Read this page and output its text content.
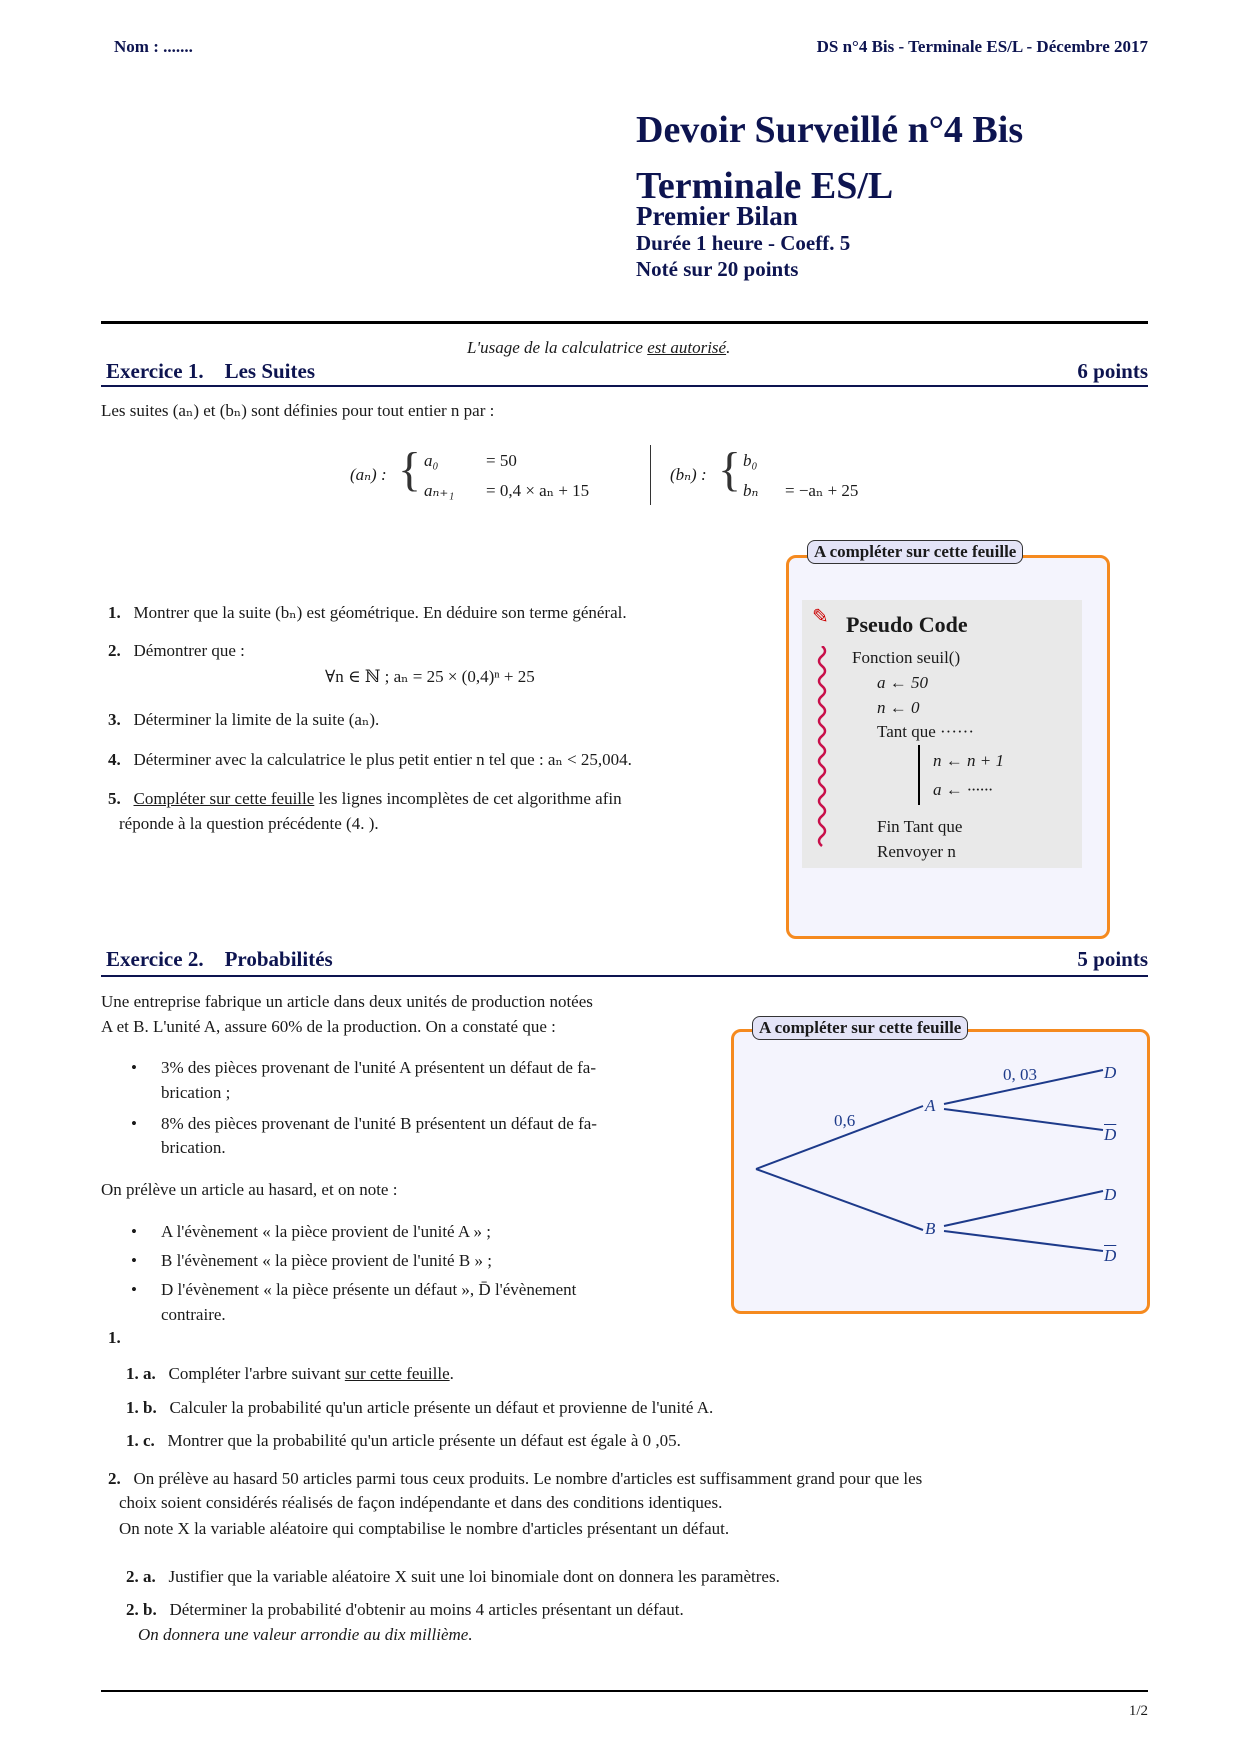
Nom : .......	DS n°4 Bis - Terminale ES/L - Décembre 2017
Devoir Surveillé n°4 Bis
Terminale ES/L
Premier Bilan
Durée 1 heure - Coeff. 5
Noté sur 20 points
L'usage de la calculatrice est autorisé.
Exercice 1. Les Suites	6 points
Les suites (aₙ) et (bₙ) sont définies pour tout entier n par :
(aₙ) : { a₀	= 50
aₙ₊₁ = 0,4 × aₙ + 15
(bₙ) : { b₀
bₙ = −aₙ + 25
1. Montrer que la suite (bₙ) est géométrique. En déduire son terme général.
2. Démontrer que :
∀n ∈ ℕ ; aₙ = 25 × (0,4)ⁿ + 25
3. Déterminer la limite de la suite (aₙ).
4. Déterminer avec la calculatrice le plus petit entier n tel que : aₙ < 25,004.
5. Compléter sur cette feuille les lignes incomplètes de cet algorithme afin
réponde à la question précédente (4. ).
A compléter sur cette feuille
✎ Pseudo Code
Fonction seuil()
a ← 50
n ← 0
Tant que ······
n ← n + 1
a ← ······
Fin Tant que
Renvoyer n
Exercice 2. Probabilités	5 points
Une entreprise fabrique un article dans deux unités de production notées
A et B. L'unité A, assure 60% de la production. On a constaté que :
• 3% des pièces provenant de l'unité A présentent un défaut de fa-
brication ;
• 8% des pièces provenant de l'unité B présentent un défaut de fa-
brication.
On prélève un article au hasard, et on note :
• A l'évènement « la pièce provient de l'unité A » ;
• B l'évènement « la pièce provient de l'unité B » ;
• D l'évènement « la pièce présente un défaut », D̄ l'évènement
contraire.
A compléter sur cette feuille
0,6
0, 03
A
B
D
$\overline{D}$
D
$\overline{D}$
1.
1. a. Compléter l'arbre suivant sur cette feuille.
1. b. Calculer la probabilité qu'un article présente un défaut et provienne de l'unité A.
1. c. Montrer que la probabilité qu'un article présente un défaut est égale à 0 ,05.
2. On prélève au hasard 50 articles parmi tous ceux produits. Le nombre d'articles est suffisamment grand pour que les
choix soient considérés réalisés de façon indépendante et dans des conditions identiques.
On note X la variable aléatoire qui comptabilise le nombre d'articles présentant un défaut.
2. a. Justifier que la variable aléatoire X suit une loi binomiale dont on donnera les paramètres.
2. b. Déterminer la probabilité d'obtenir au moins 4 articles présentant un défaut.
On donnera une valeur arrondie au dix millième.
1/2
